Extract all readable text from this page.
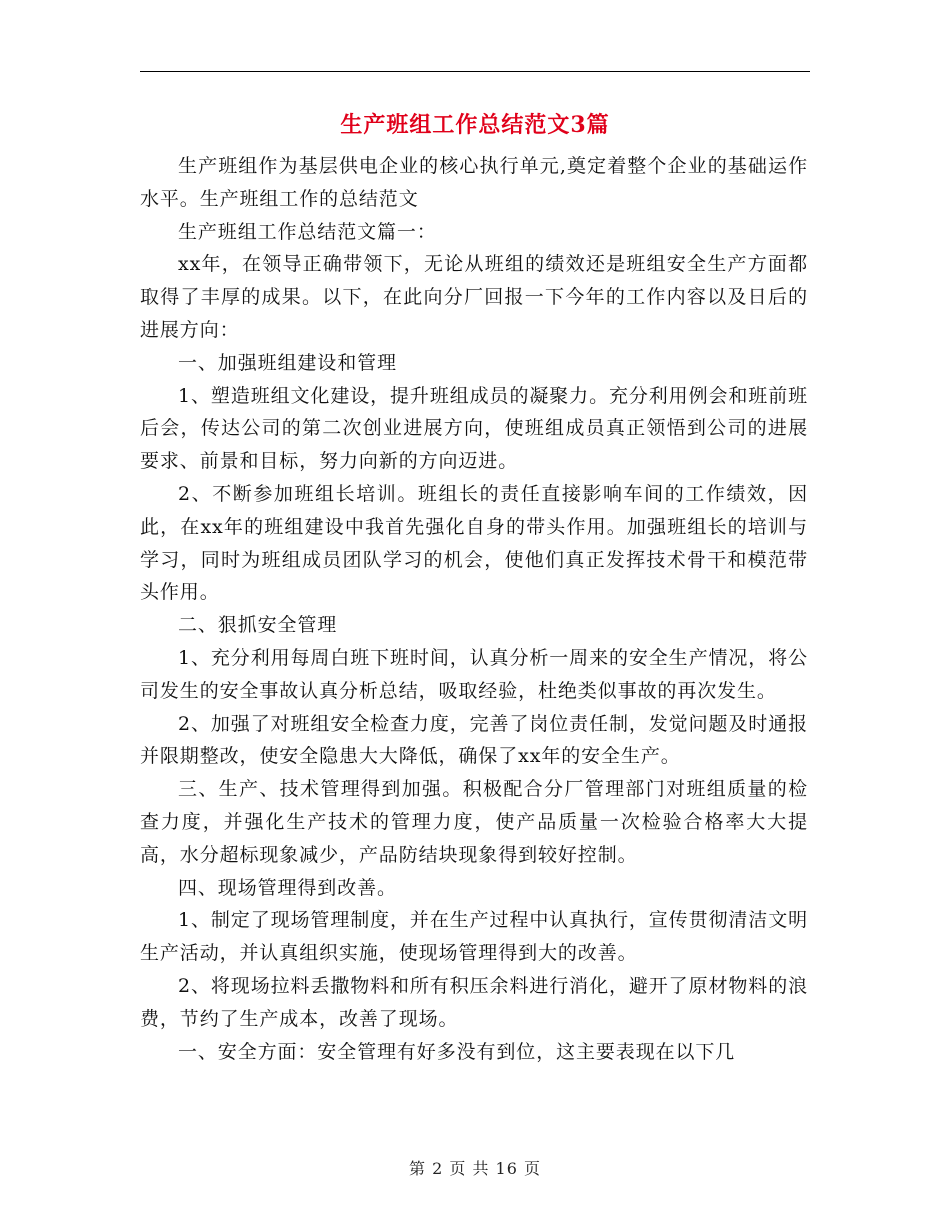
生产班组工作总结范文3篇

生产班组作为基层供电企业的核心执行单元,奠定着整个企业的基础运作水平。生产班组工作的总结范文

生产班组工作总结范文篇一：

xx年，在领导正确带领下，无论从班组的绩效还是班组安全生产方面都取得了丰厚的成果。以下，在此向分厂回报一下今年的工作内容以及日后的进展方向：

一、加强班组建设和管理

1、塑造班组文化建设，提升班组成员的凝聚力。充分利用例会和班前班后会，传达公司的第二次创业进展方向，使班组成员真正领悟到公司的进展要求、前景和目标，努力向新的方向迈进。

2、不断参加班组长培训。班组长的责任直接影响车间的工作绩效，因此，在xx年的班组建设中我首先强化自身的带头作用。加强班组长的培训与学习，同时为班组成员团队学习的机会，使他们真正发挥技术骨干和模范带头作用。

二、狠抓安全管理

1、充分利用每周白班下班时间，认真分析一周来的安全生产情况，将公司发生的安全事故认真分析总结，吸取经验，杜绝类似事故的再次发生。

2、加强了对班组安全检查力度，完善了岗位责任制，发觉问题及时通报并限期整改，使安全隐患大大降低，确保了xx年的安全生产。

三、生产、技术管理得到加强。积极配合分厂管理部门对班组质量的检查力度，并强化生产技术的管理力度，使产品质量一次检验合格率大大提高，水分超标现象减少，产品防结块现象得到较好控制。

四、现场管理得到改善。

1、制定了现场管理制度，并在生产过程中认真执行，宣传贯彻清洁文明生产活动，并认真组织实施，使现场管理得到大的改善。

2、将现场拉料丢撒物料和所有积压余料进行消化，避开了原材物料的浪费，节约了生产成本，改善了现场。

一、安全方面：安全管理有好多没有到位，这主要表现在以下几

第 2 页 共 16 页
